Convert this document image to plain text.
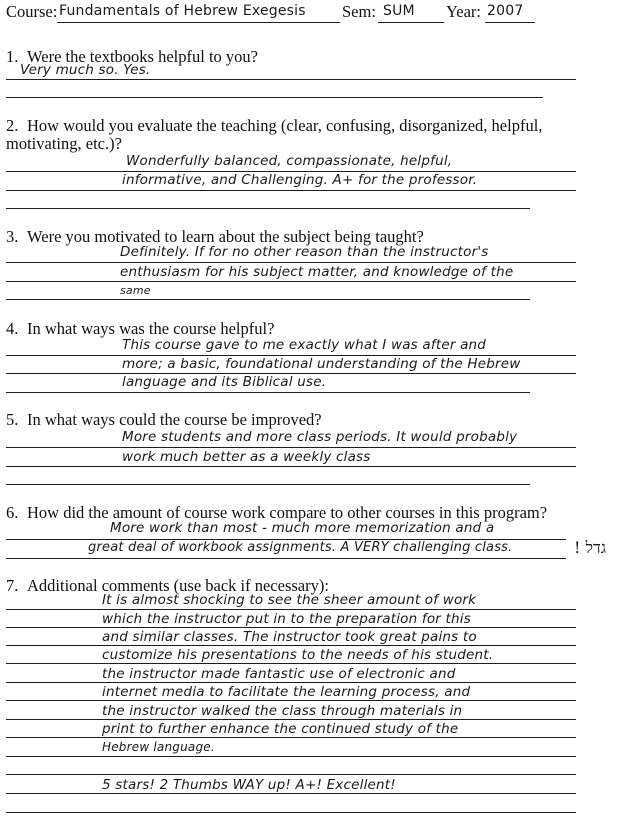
Course: Fundamentals of Hebrew Exegesis Sem: SUM Year: 2007
1. Were the textbooks helpful to you?
Very much so. Yes.
2. How would you evaluate the teaching (clear, confusing, disorganized, helpful,
motivating, etc.)?
Wonderfully balanced, compassionate, helpful,
informative, and Challenging. A+ for the professor.
3. Were you motivated to learn about the subject being taught?
Definitely. If for no other reason than the instructor's
enthusiasm for his subject matter, and knowledge of the
same
4. In what ways was the course helpful?
This course gave to me exactly what I was after and
more; a basic, foundational understanding of the Hebrew
language and its Biblical use.
5. In what ways could the course be improved?
More students and more class periods. It would probably
work much better as a weekly class
6. How did the amount of course work compare to other courses in this program?
More work than most - much more memorization and a
great deal of workbook assignments. A VERY challenging class.	! גדל
7. Additional comments (use back if necessary):
It is almost shocking to see the sheer amount of work
which the instructor put in to the preparation for this
and similar classes. The instructor took great pains to
customize his presentations to the needs of his student.
the instructor made fantastic use of electronic and
internet media to facilitate the learning process, and
the instructor walked the class through materials in
print to further enhance the continued study of the
Hebrew language.
5 stars! 2 Thumbs WAY up! A+! Excellent!
